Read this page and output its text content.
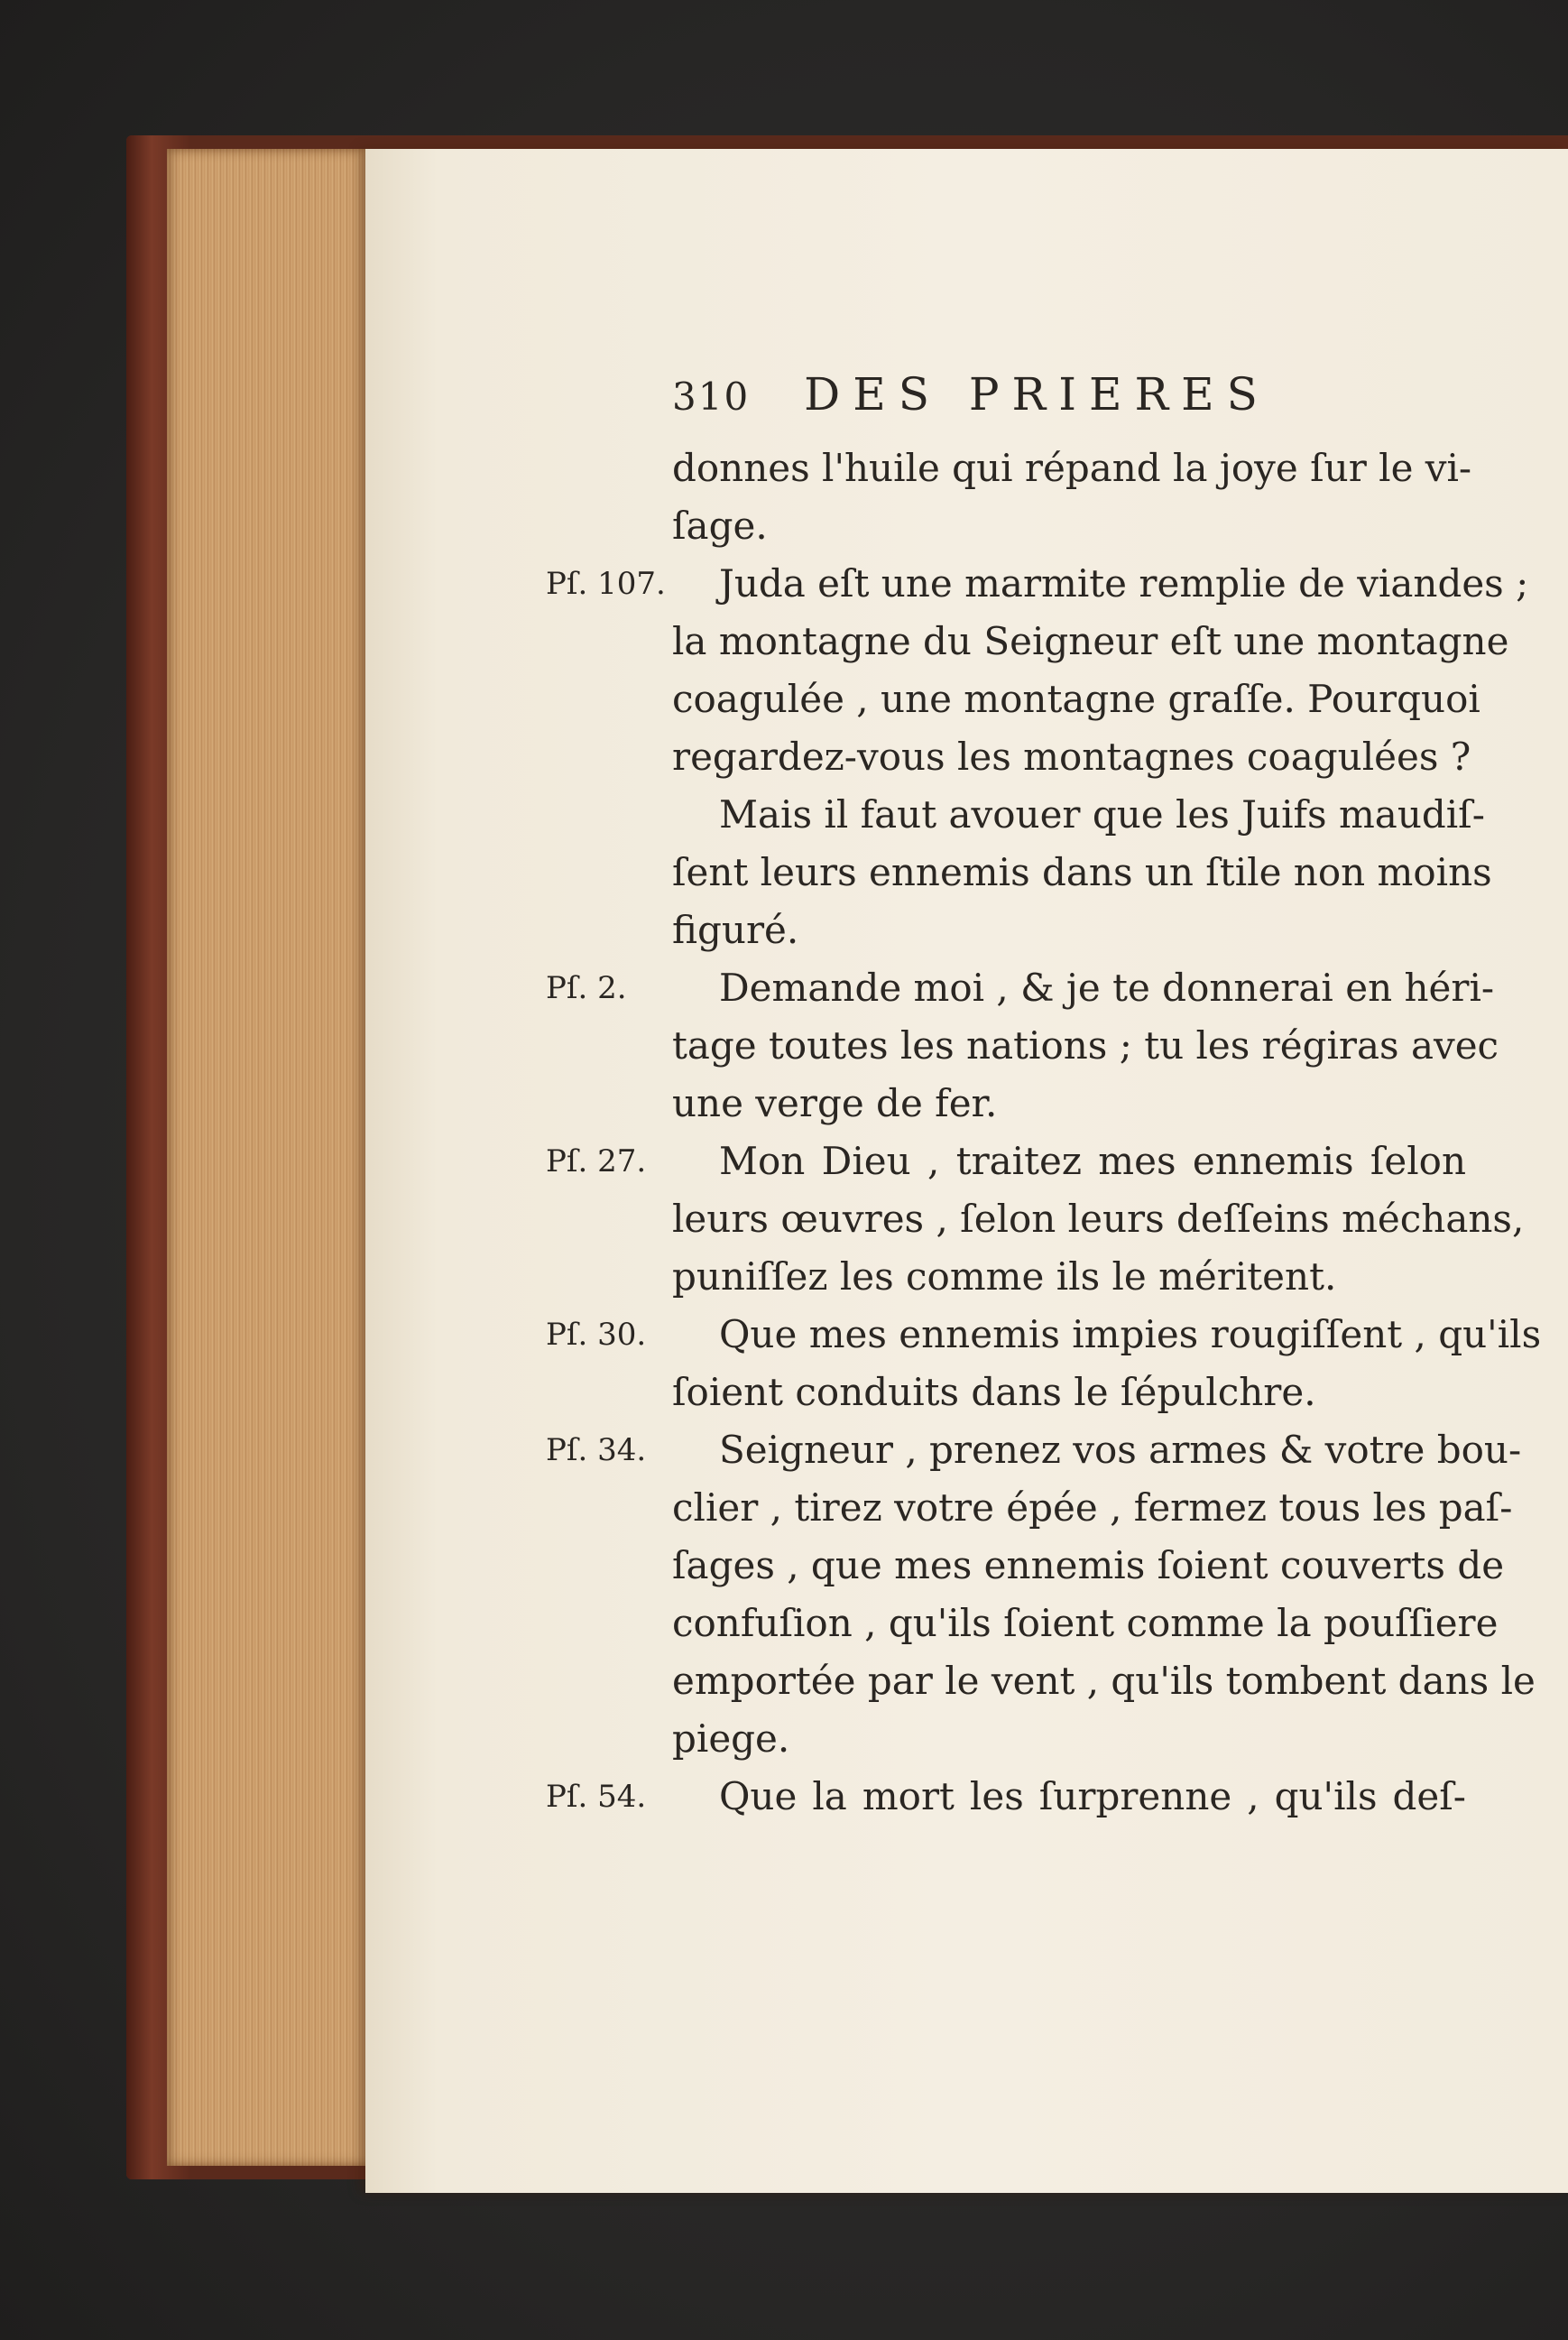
310 DES PRIERES
donnes l'huile qui répand la joye ſur le vi-
ſage.
Pſ. 107. Juda eſt une marmite remplie de viandes ;
la montagne du Seigneur eſt une montagne
coagulée , une montagne graſſe. Pourquoi
regardez-vous les montagnes coagulées ?
Mais il faut avouer que les Juifs maudiſ-
ſent leurs ennemis dans un ſtile non moins
figuré.
Pſ. 2.	Demande moi , & je te donnerai en héri-
tage toutes les nations ; tu les régiras avec
une verge de fer.
Pſ. 27. Mon Dieu , traitez mes ennemis ſelon
leurs œuvres , ſelon leurs deſſeins méchans,
puniſſez les comme ils le méritent.
Pſ. 30. Que mes ennemis impies rougiſſent , qu'ils
ſoient conduits dans le ſépulchre.
Pſ. 34. Seigneur , prenez vos armes & votre bou-
clier , tirez votre épée , fermez tous les paſ-
ſages , que mes ennemis ſoient couverts de
confuſion , qu'ils ſoient comme la pouſſiere
emportée par le vent , qu'ils tombent dans le
piege.
Pſ. 54. Que la mort les ſurprenne , qu'ils deſ-
